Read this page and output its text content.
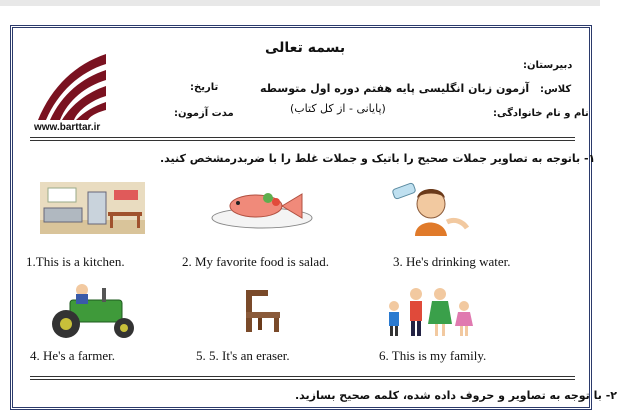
بسمه تعالی
دبیرستان:
کلاس:
نام و نام خانوادگی:
آزمون زبان انگلیسی پایه هفتم دوره اول متوسطه
(پایانی - از کل کتاب)
تاریخ:
مدت آزمون:
www.barttar.ir
۱- باتوجه به تصاویر جملات صحیح را باتیک و جملات غلط را با ضربدرمشخص کنید.
1.This is a kitchen.	2. My favorite food is salad.	3. He's drinking water.
4. He's a farmer.	5. 5. It's an eraser.	6. This is my family.
۲- با توجه به تصاویر و حروف داده شده، کلمه صحیح بسازید.
